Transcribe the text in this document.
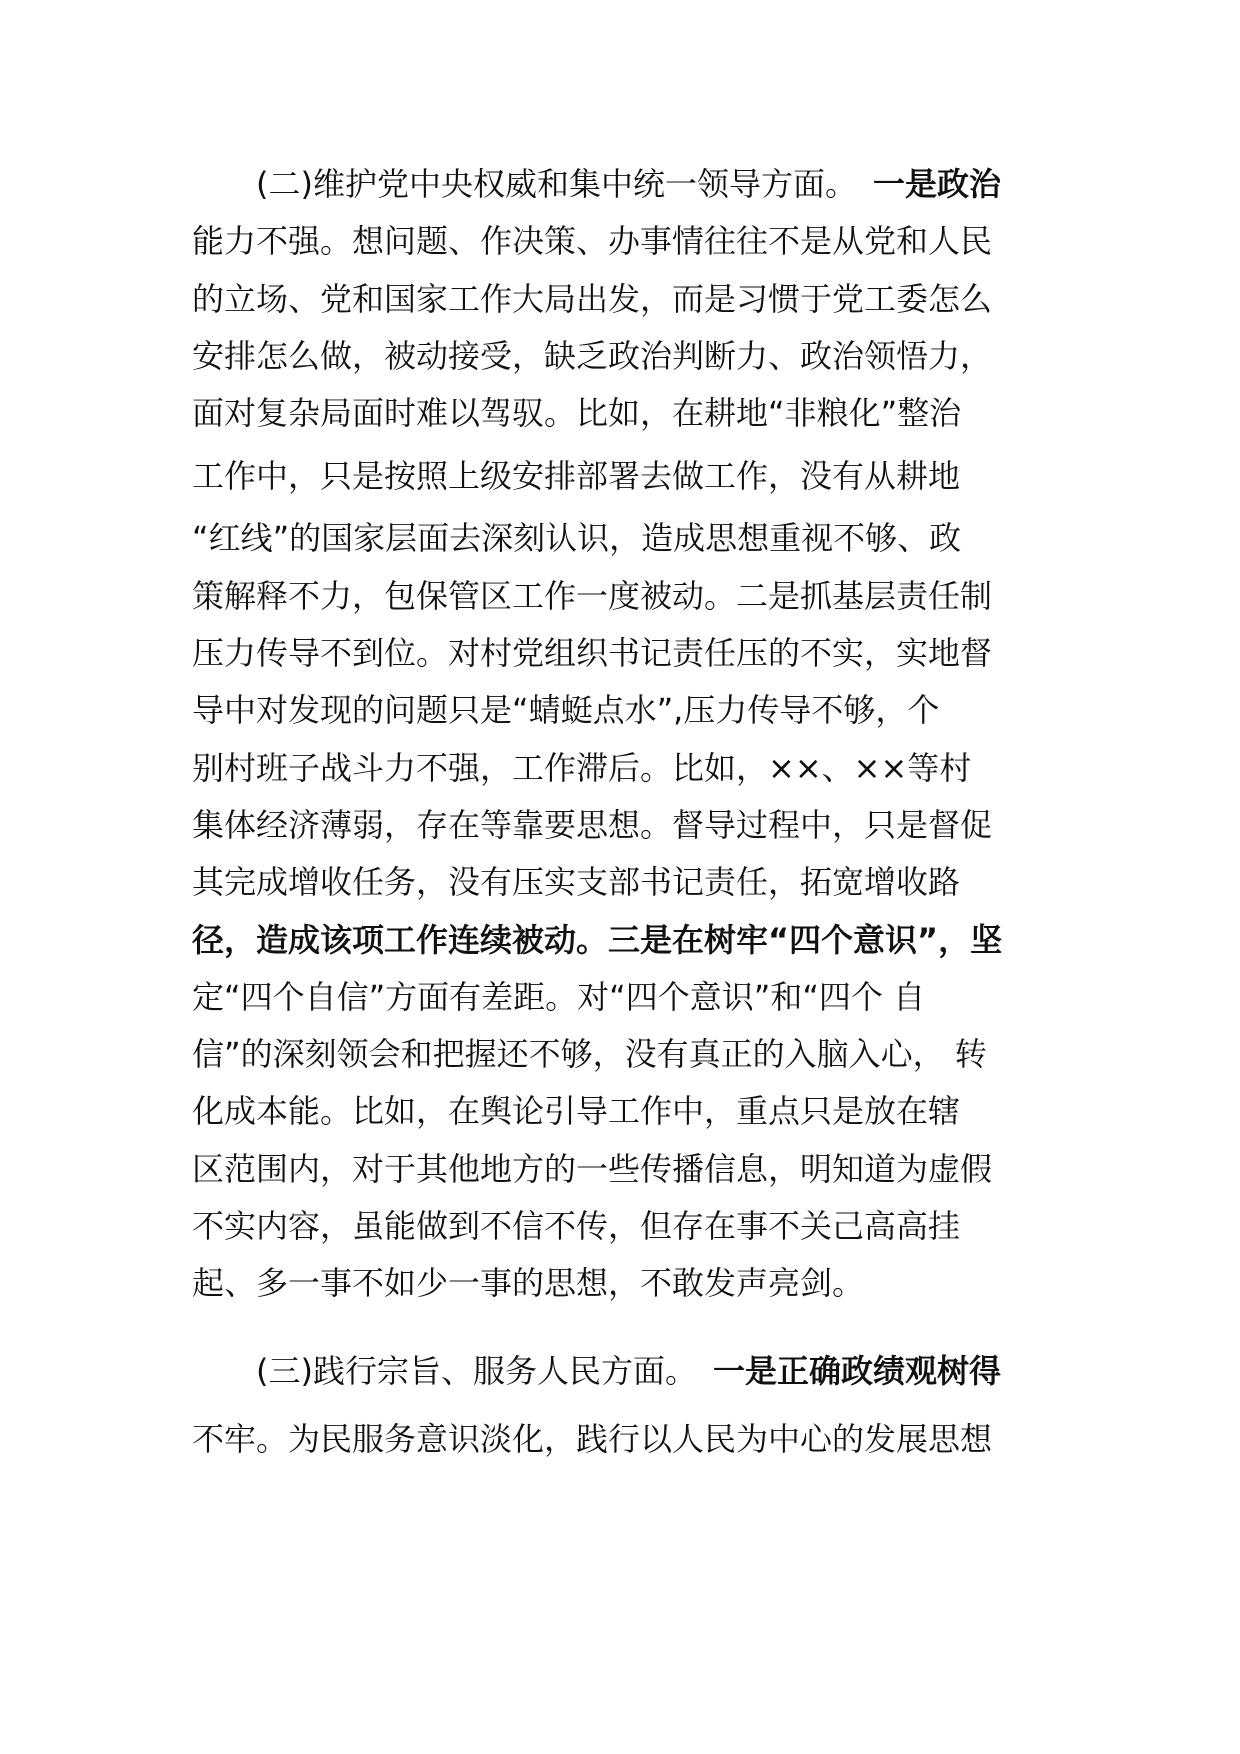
　　(二)维护党中央权威和集中统一领导方面。　一是政治
能力不强。想问题、作决策、办事情往往不是从党和人民
的立场、党和国家工作大局出发，而是习惯于党工委怎么
安排怎么做，被动接受，缺乏政治判断力、政治领悟力，
面对复杂局面时难以驾驭。比如，在耕地“非粮化”整治
工作中，只是按照上级安排部署去做工作，没有从耕地
“红线”的国家层面去深刻认识，造成思想重视不够、政
策解释不力，包保管区工作一度被动。二是抓基层责任制
压力传导不到位。对村党组织书记责任压的不实，实地督
导中对发现的问题只是“蜻蜓点水”,压力传导不够，个
别村班子战斗力不强，工作滞后。比如，××、××等村
集体经济薄弱，存在等靠要思想。督导过程中，只是督促
其完成增收任务，没有压实支部书记责任，拓宽增收路
径，造成该项工作连续被动。三是在树牢“四个意识”，坚
定“四个自信”方面有差距。对“四个意识”和“四个 自
信”的深刻领会和把握还不够，没有真正的入脑入心， 转
化成本能。比如，在舆论引导工作中，重点只是放在辖
区范围内，对于其他地方的一些传播信息，明知道为虚假
不实内容，虽能做到不信不传，但存在事不关己高高挂
起、多一事不如少一事的思想，不敢发声亮剑。
　　(三)践行宗旨、服务人民方面。　一是正确政绩观树得
不牢。为民服务意识淡化，践行以人民为中心的发展思想
